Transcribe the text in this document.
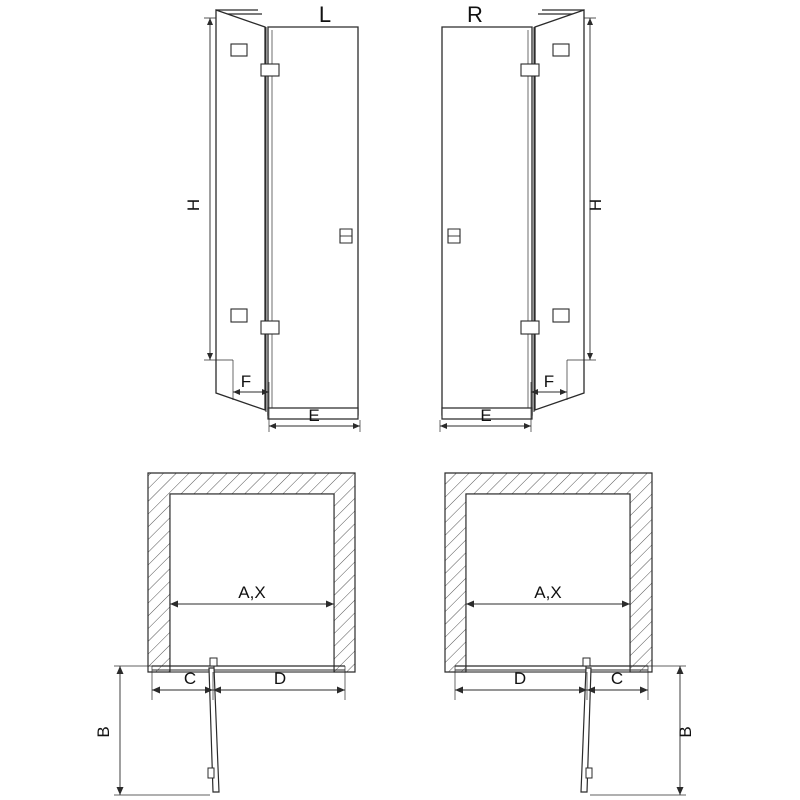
H
F
E
L
H
F
E
R
A,X
C	D
B
A,X
C
D
B
